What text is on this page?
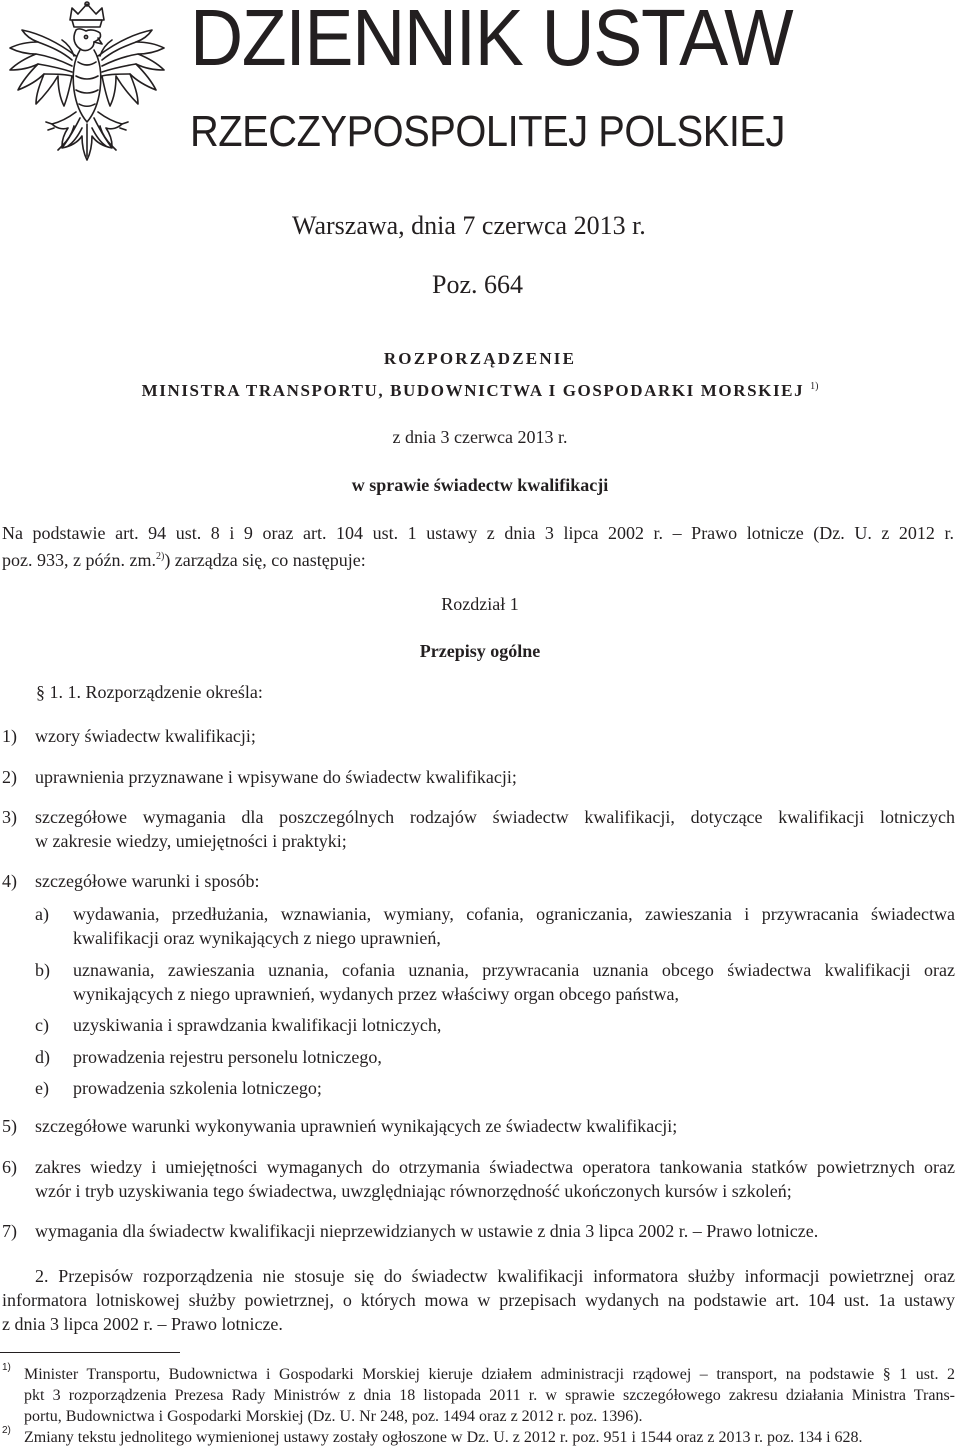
DZIENNIK USTAW
RZECZYPOSPOLITEJ POLSKIEJ
Warszawa, dnia 7 czerwca 2013 r.
Poz. 664
ROZPORZĄDZENIE
MINISTRA TRANSPORTU, BUDOWNICTWA I GOSPODARKI MORSKIEJ $^{1)}$
z dnia 3 czerwca 2013 r.
w sprawie świadectw kwalifikacji
Na podstawie art. 94 ust. 8 i 9 oraz art. 104 ust. 1 ustawy z dnia 3 lipca 2002 r. – Prawo lotnicze (Dz. U. z 2012 r.
poz. 933, z późn. zm.$^{2)}$) zarządza się, co następuje:
Rozdział 1
Przepisy ogólne
§ 1. 1. Rozporządzenie określa:
1) wzory świadectw kwalifikacji;
2) uprawnienia przyznawane i wpisywane do świadectw kwalifikacji;
3) szczegółowe wymagania dla poszczególnych rodzajów świadectw kwalifikacji, dotyczące kwalifikacji lotniczych
w zakresie wiedzy, umiejętności i praktyki;
4) szczegółowe warunki i sposób:
a) wydawania, przedłużania, wznawiania, wymiany, cofania, ograniczania, zawieszania i przywracania świadectwa
kwalifikacji oraz wynikających z niego uprawnień,
b) uznawania, zawieszania uznania, cofania uznania, przywracania uznania obcego świadectwa kwalifikacji oraz
wynikających z niego uprawnień, wydanych przez właściwy organ obcego państwa,
c) uzyskiwania i sprawdzania kwalifikacji lotniczych,
d) prowadzenia rejestru personelu lotniczego,
e) prowadzenia szkolenia lotniczego;
5) szczegółowe warunki wykonywania uprawnień wynikających ze świadectw kwalifikacji;
6) zakres wiedzy i umiejętności wymaganych do otrzymania świadectwa operatora tankowania statków powietrznych oraz
wzór i tryb uzyskiwania tego świadectwa, uwzględniając równorzędność ukończonych kursów i szkoleń;
7) wymagania dla świadectw kwalifikacji nieprzewidzianych w ustawie z dnia 3 lipca 2002 r. – Prawo lotnicze.
2. Przepisów rozporządzenia nie stosuje się do świadectw kwalifikacji informatora służby informacji powietrznej oraz
informatora lotniskowej służby powietrznej, o których mowa w przepisach wydanych na podstawie art. 104 ust. 1a ustawy
z dnia 3 lipca 2002 r. – Prawo lotnicze.
1) Minister Transportu, Budownictwa i Gospodarki Morskiej kieruje działem administracji rządowej – transport, na podstawie § 1 ust. 2
pkt 3 rozporządzenia Prezesa Rady Ministrów z dnia 18 listopada 2011 r. w sprawie szczegółowego zakresu działania Ministra Trans-
portu, Budownictwa i Gospodarki Morskiej (Dz. U. Nr 248, poz. 1494 oraz z 2012 r. poz. 1396).
2) Zmiany tekstu jednolitego wymienionej ustawy zostały ogłoszone w Dz. U. z 2012 r. poz. 951 i 1544 oraz z 2013 r. poz. 134 i 628.
